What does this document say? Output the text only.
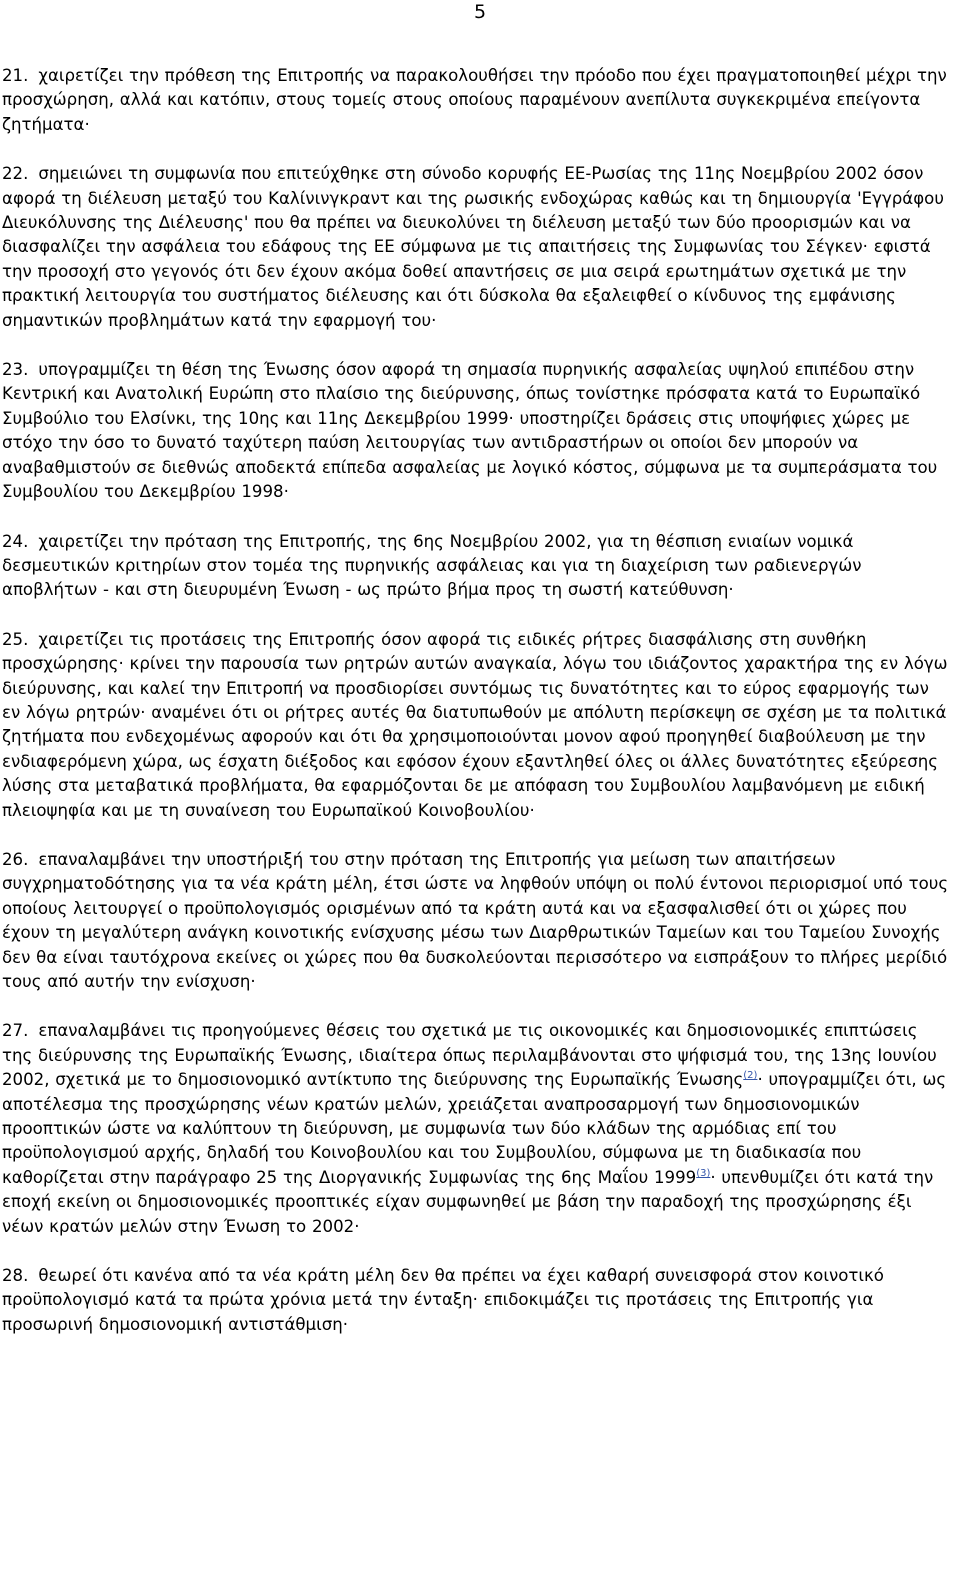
5

21. χαιρετίζει την πρόθεση της Επιτροπής να παρακολουθήσει την πρόοδο που έχει πραγματοποιηθεί μέχρι την προσχώρηση, αλλά και κατόπιν, στους τομείς στους οποίους παραμένουν ανεπίλυτα συγκεκριμένα επείγοντα ζητήματα·

22. σημειώνει τη συμφωνία που επιτεύχθηκε στη σύνοδο κορυφής ΕΕ-Ρωσίας της 11ης Νοεμβρίου 2002 όσον αφορά τη διέλευση μεταξύ του Καλίνινγκραντ και της ρωσικής ενδοχώρας καθώς και τη δημιουργία 'Εγγράφου Διευκόλυνσης της Διέλευσης' που θα πρέπει να διευκολύνει τη διέλευση μεταξύ των δύο προορισμών και να διασφαλίζει την ασφάλεια του εδάφους της ΕΕ σύμφωνα με τις απαιτήσεις της Συμφωνίας του Σέγκεν· εφιστά την προσοχή στο γεγονός ότι δεν έχουν ακόμα δοθεί απαντήσεις σε μια σειρά ερωτημάτων σχετικά με την πρακτική λειτουργία του συστήματος διέλευσης και ότι δύσκολα θα εξαλειφθεί ο κίνδυνος της εμφάνισης σημαντικών προβλημάτων κατά την εφαρμογή του·

23. υπογραμμίζει τη θέση της Ένωσης όσον αφορά τη σημασία πυρηνικής ασφαλείας υψηλού επιπέδου στην Κεντρική και Ανατολική Ευρώπη στο πλαίσιο της διεύρυνσης, όπως τονίστηκε πρόσφατα κατά το Ευρωπαϊκό Συμβούλιο του Ελσίνκι, της 10ης και 11ης Δεκεμβρίου 1999· υποστηρίζει δράσεις στις υποψήφιες χώρες με στόχο την όσο το δυνατό ταχύτερη παύση λειτουργίας των αντιδραστήρων οι οποίοι δεν μπορούν να αναβαθμιστούν σε διεθνώς αποδεκτά επίπεδα ασφαλείας με λογικό κόστος, σύμφωνα με τα συμπεράσματα του Συμβουλίου του Δεκεμβρίου 1998·

24. χαιρετίζει την πρόταση της Επιτροπής, της 6ης Νοεμβρίου 2002, για τη θέσπιση ενιαίων νομικά δεσμευτικών κριτηρίων στον τομέα της πυρηνικής ασφάλειας και για τη διαχείριση των ραδιενεργών αποβλήτων - και στη διευρυμένη Ένωση - ως πρώτο βήμα προς τη σωστή κατεύθυνση·

25. χαιρετίζει τις προτάσεις της Επιτροπής όσον αφορά τις ειδικές ρήτρες διασφάλισης στη συνθήκη προσχώρησης· κρίνει την παρουσία των ρητρών αυτών αναγκαία, λόγω του ιδιάζοντος χαρακτήρα της εν λόγω διεύρυνσης, και καλεί την Επιτροπή να προσδιορίσει συντόμως τις δυνατότητες και το εύρος εφαρμογής των εν λόγω ρητρών· αναμένει ότι οι ρήτρες αυτές θα διατυπωθούν με απόλυτη περίσκεψη σε σχέση με τα πολιτικά ζητήματα που ενδεχομένως αφορούν και ότι θα χρησιμοποιούνται μονον αφού προηγηθεί διαβούλευση με την ενδιαφερόμενη χώρα, ως έσχατη διέξοδος και εφόσον έχουν εξαντληθεί όλες οι άλλες δυνατότητες εξεύρεσης λύσης στα μεταβατικά προβλήματα, θα εφαρμόζονται δε με απόφαση του Συμβουλίου λαμβανόμενη με ειδική πλειοψηφία και με τη συναίνεση του Ευρωπαϊκού Κοινοβουλίου·

26. επαναλαμβάνει την υποστήριξή του στην πρόταση της Επιτροπής για μείωση των απαιτήσεων συγχρηματοδότησης για τα νέα κράτη μέλη, έτσι ώστε να ληφθούν υπόψη οι πολύ έντονοι περιορισμοί υπό τους οποίους λειτουργεί ο προϋπολογισμός ορισμένων από τα κράτη αυτά και να εξασφαλισθεί ότι οι χώρες που έχουν τη μεγαλύτερη ανάγκη κοινοτικής ενίσχυσης μέσω των Διαρθρωτικών Ταμείων και του Ταμείου Συνοχής δεν θα είναι ταυτόχρονα εκείνες οι χώρες που θα δυσκολεύονται περισσότερο να εισπράξουν το πλήρες μερίδιό τους από αυτήν την ενίσχυση·

27. επαναλαμβάνει τις προηγούμενες θέσεις του σχετικά με τις οικονομικές και δημοσιονομικές επιπτώσεις της διεύρυνσης της Ευρωπαϊκής Ένωσης, ιδιαίτερα όπως περιλαμβάνονται στο ψήφισμά του, της 13ης Ιουνίου 2002, σχετικά με το δημοσιονομικό αντίκτυπο της διεύρυνσης της Ευρωπαϊκής Ένωσης$^{(2)}$· υπογραμμίζει ότι, ως αποτέλεσμα της προσχώρησης νέων κρατών μελών, χρειάζεται αναπροσαρμογή των δημοσιονομικών προοπτικών ώστε να καλύπτουν τη διεύρυνση, με συμφωνία των δύο κλάδων της αρμόδιας επί του προϋπολογισμού αρχής, δηλαδή του Κοινοβουλίου και του Συμβουλίου, σύμφωνα με τη διαδικασία που καθορίζεται στην παράγραφο 25 της Διοργανικής Συμφωνίας της 6ης Μαΐου 1999$^{(3)}$· υπενθυμίζει ότι κατά την εποχή εκείνη οι δημοσιονομικές προοπτικές είχαν συμφωνηθεί με βάση την παραδοχή της προσχώρησης έξι νέων κρατών μελών στην Ένωση το 2002·

28. θεωρεί ότι κανένα από τα νέα κράτη μέλη δεν θα πρέπει να έχει καθαρή συνεισφορά στον κοινοτικό προϋπολογισμό κατά τα πρώτα χρόνια μετά την ένταξη· επιδοκιμάζει τις προτάσεις της Επιτροπής για προσωρινή δημοσιονομική αντιστάθμιση·
